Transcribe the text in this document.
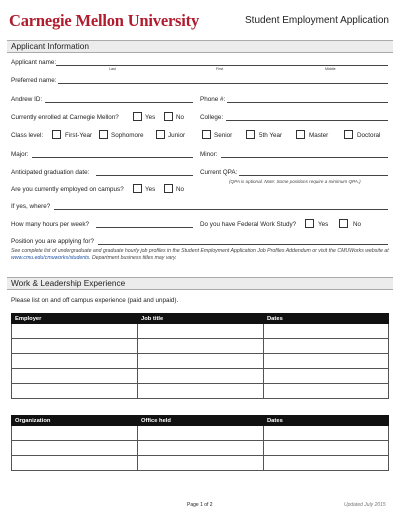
Carnegie Mellon University	Student Employment Application
Applicant Information
Applicant name:
Last	First	Middle
Preferred name:
Andrew ID:	Phone #:
Currently enrolled at Carnegie Mellon?	Yes	No	College:
Class level:	First-Year	Sophomore	Junior	Senior	5th Year	Master	Doctoral
Major:	Minor:
Anticipated graduation date:	Current QPA:
(QPA is optional. Note: Some positions require a minimum QPA.)
Are you currently employed on campus?	Yes	No
If yes, where?
How many hours per week?	Do you have Federal Work Study?	Yes	No
Position you are applying for?
See complete list of undergraduate and graduate hourly job profiles in the Student Employment Application Job Profiles Addendum or visit the CMUWorks website at www.cmu.edu/cmuworks/students. Department business titles may vary.
Work & Leadership Experience
Please list on and off campus experience (paid and unpaid).
Employer	Job title	Dates

Organization	Office held	Dates

Page 1 of 2	Updated July 2015
